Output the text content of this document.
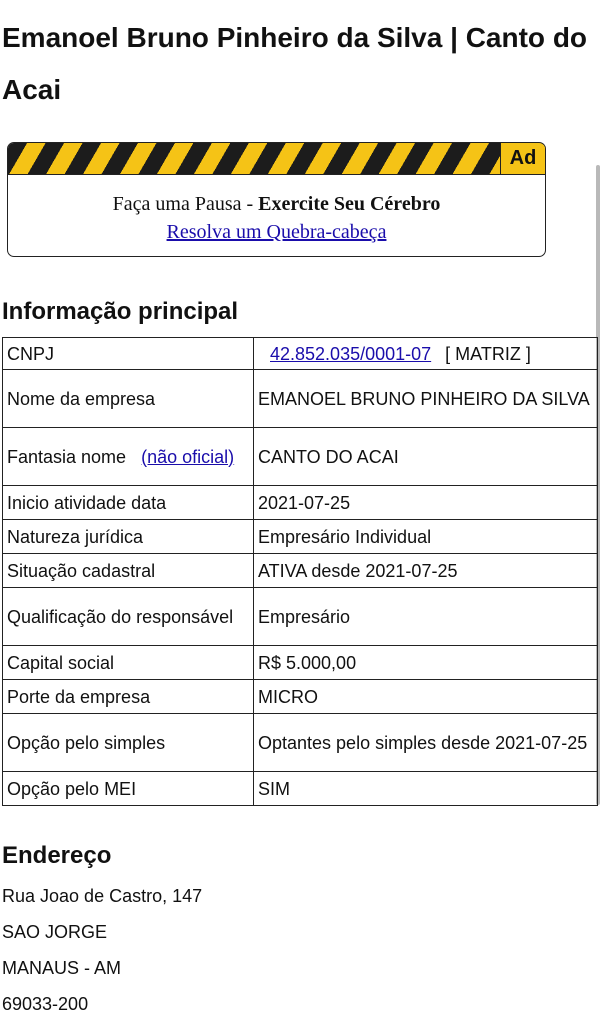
Emanoel Bruno Pinheiro da Silva | Canto do Acai
Ad
Faça uma Pausa - Exercite Seu Cérebro
Resolva um Quebra-cabeça
Informação principal
CNPJ	42.852.035/0001-07 [ MATRIZ ]
Nome da empresa	EMANOEL BRUNO PINHEIRO DA SILVA
Fantasia nome (não oficial)	CANTO DO ACAI
Inicio atividade data	2021-07-25
Natureza jurídica	Empresário Individual
Situação cadastral	ATIVA desde 2021-07-25
Qualificação do responsável	Empresário
Capital social	R$ 5.000,00
Porte da empresa	MICRO
Opção pelo simples	Optantes pelo simples desde 2021-07-25
Opção pelo MEI	SIM
Endereço
Rua Joao de Castro, 147
SAO JORGE
MANAUS - AM
69033-200
